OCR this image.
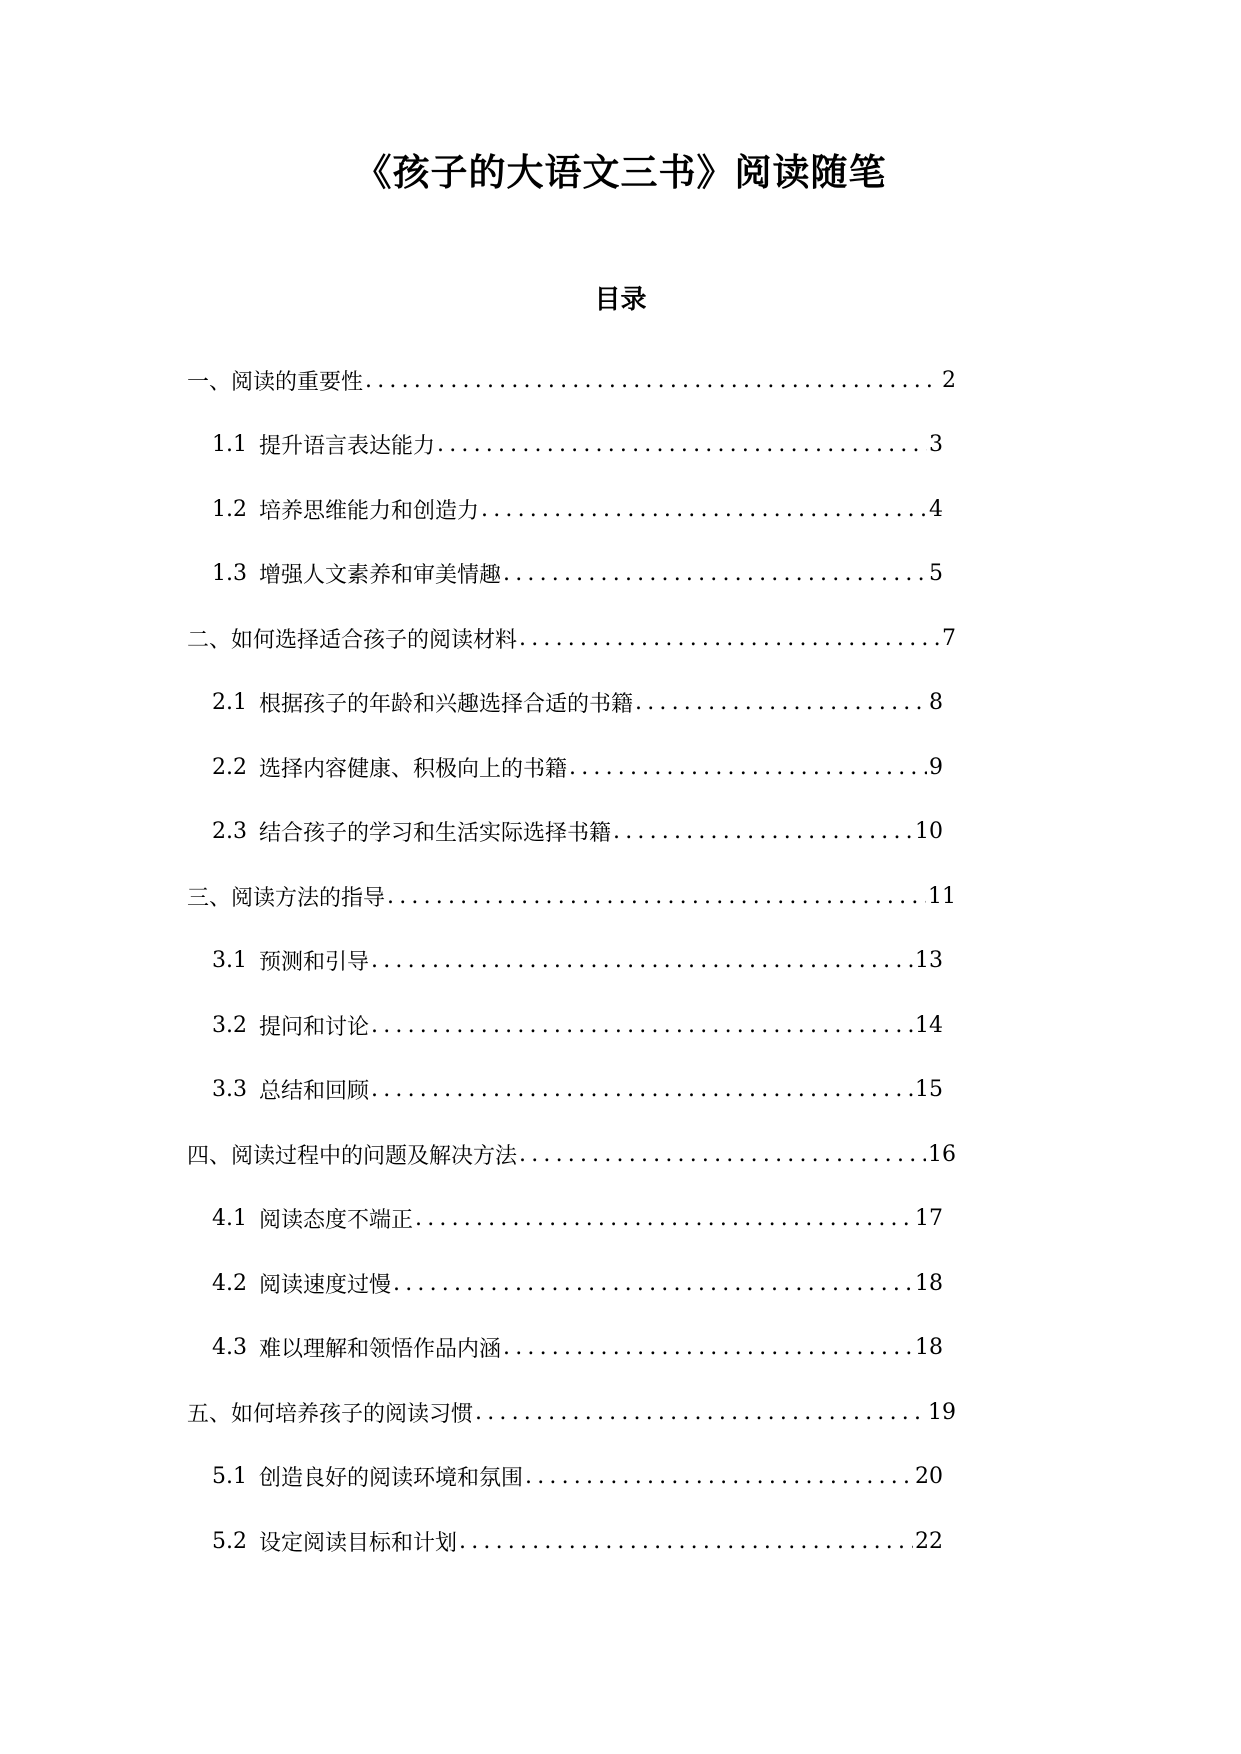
《孩子的大语文三书》阅读随笔
目录
一、阅读的重要性 .....	2
1.1 提升语言表达能力 .....	3
1.2 培养思维能力和创造力 .....	4
1.3 增强人文素养和审美情趣 .....	5
二、如何选择适合孩子的阅读材料 .....	7
2.1 根据孩子的年龄和兴趣选择合适的书籍 .....	8
2.2 选择内容健康、积极向上的书籍 .....	9
2.3 结合孩子的学习和生活实际选择书籍 .....	10
三、阅读方法的指导 .....	11
3.1 预测和引导 .....	13
3.2 提问和讨论 .....	14
3.3 总结和回顾 .....	15
四、阅读过程中的问题及解决方法 .....	16
4.1 阅读态度不端正 .....	17
4.2 阅读速度过慢 .....	18
4.3 难以理解和领悟作品内涵 .....	18
五、如何培养孩子的阅读习惯 .....	19
5.1 创造良好的阅读环境和氛围 .....	20
5.2 设定阅读目标和计划 .....	22
